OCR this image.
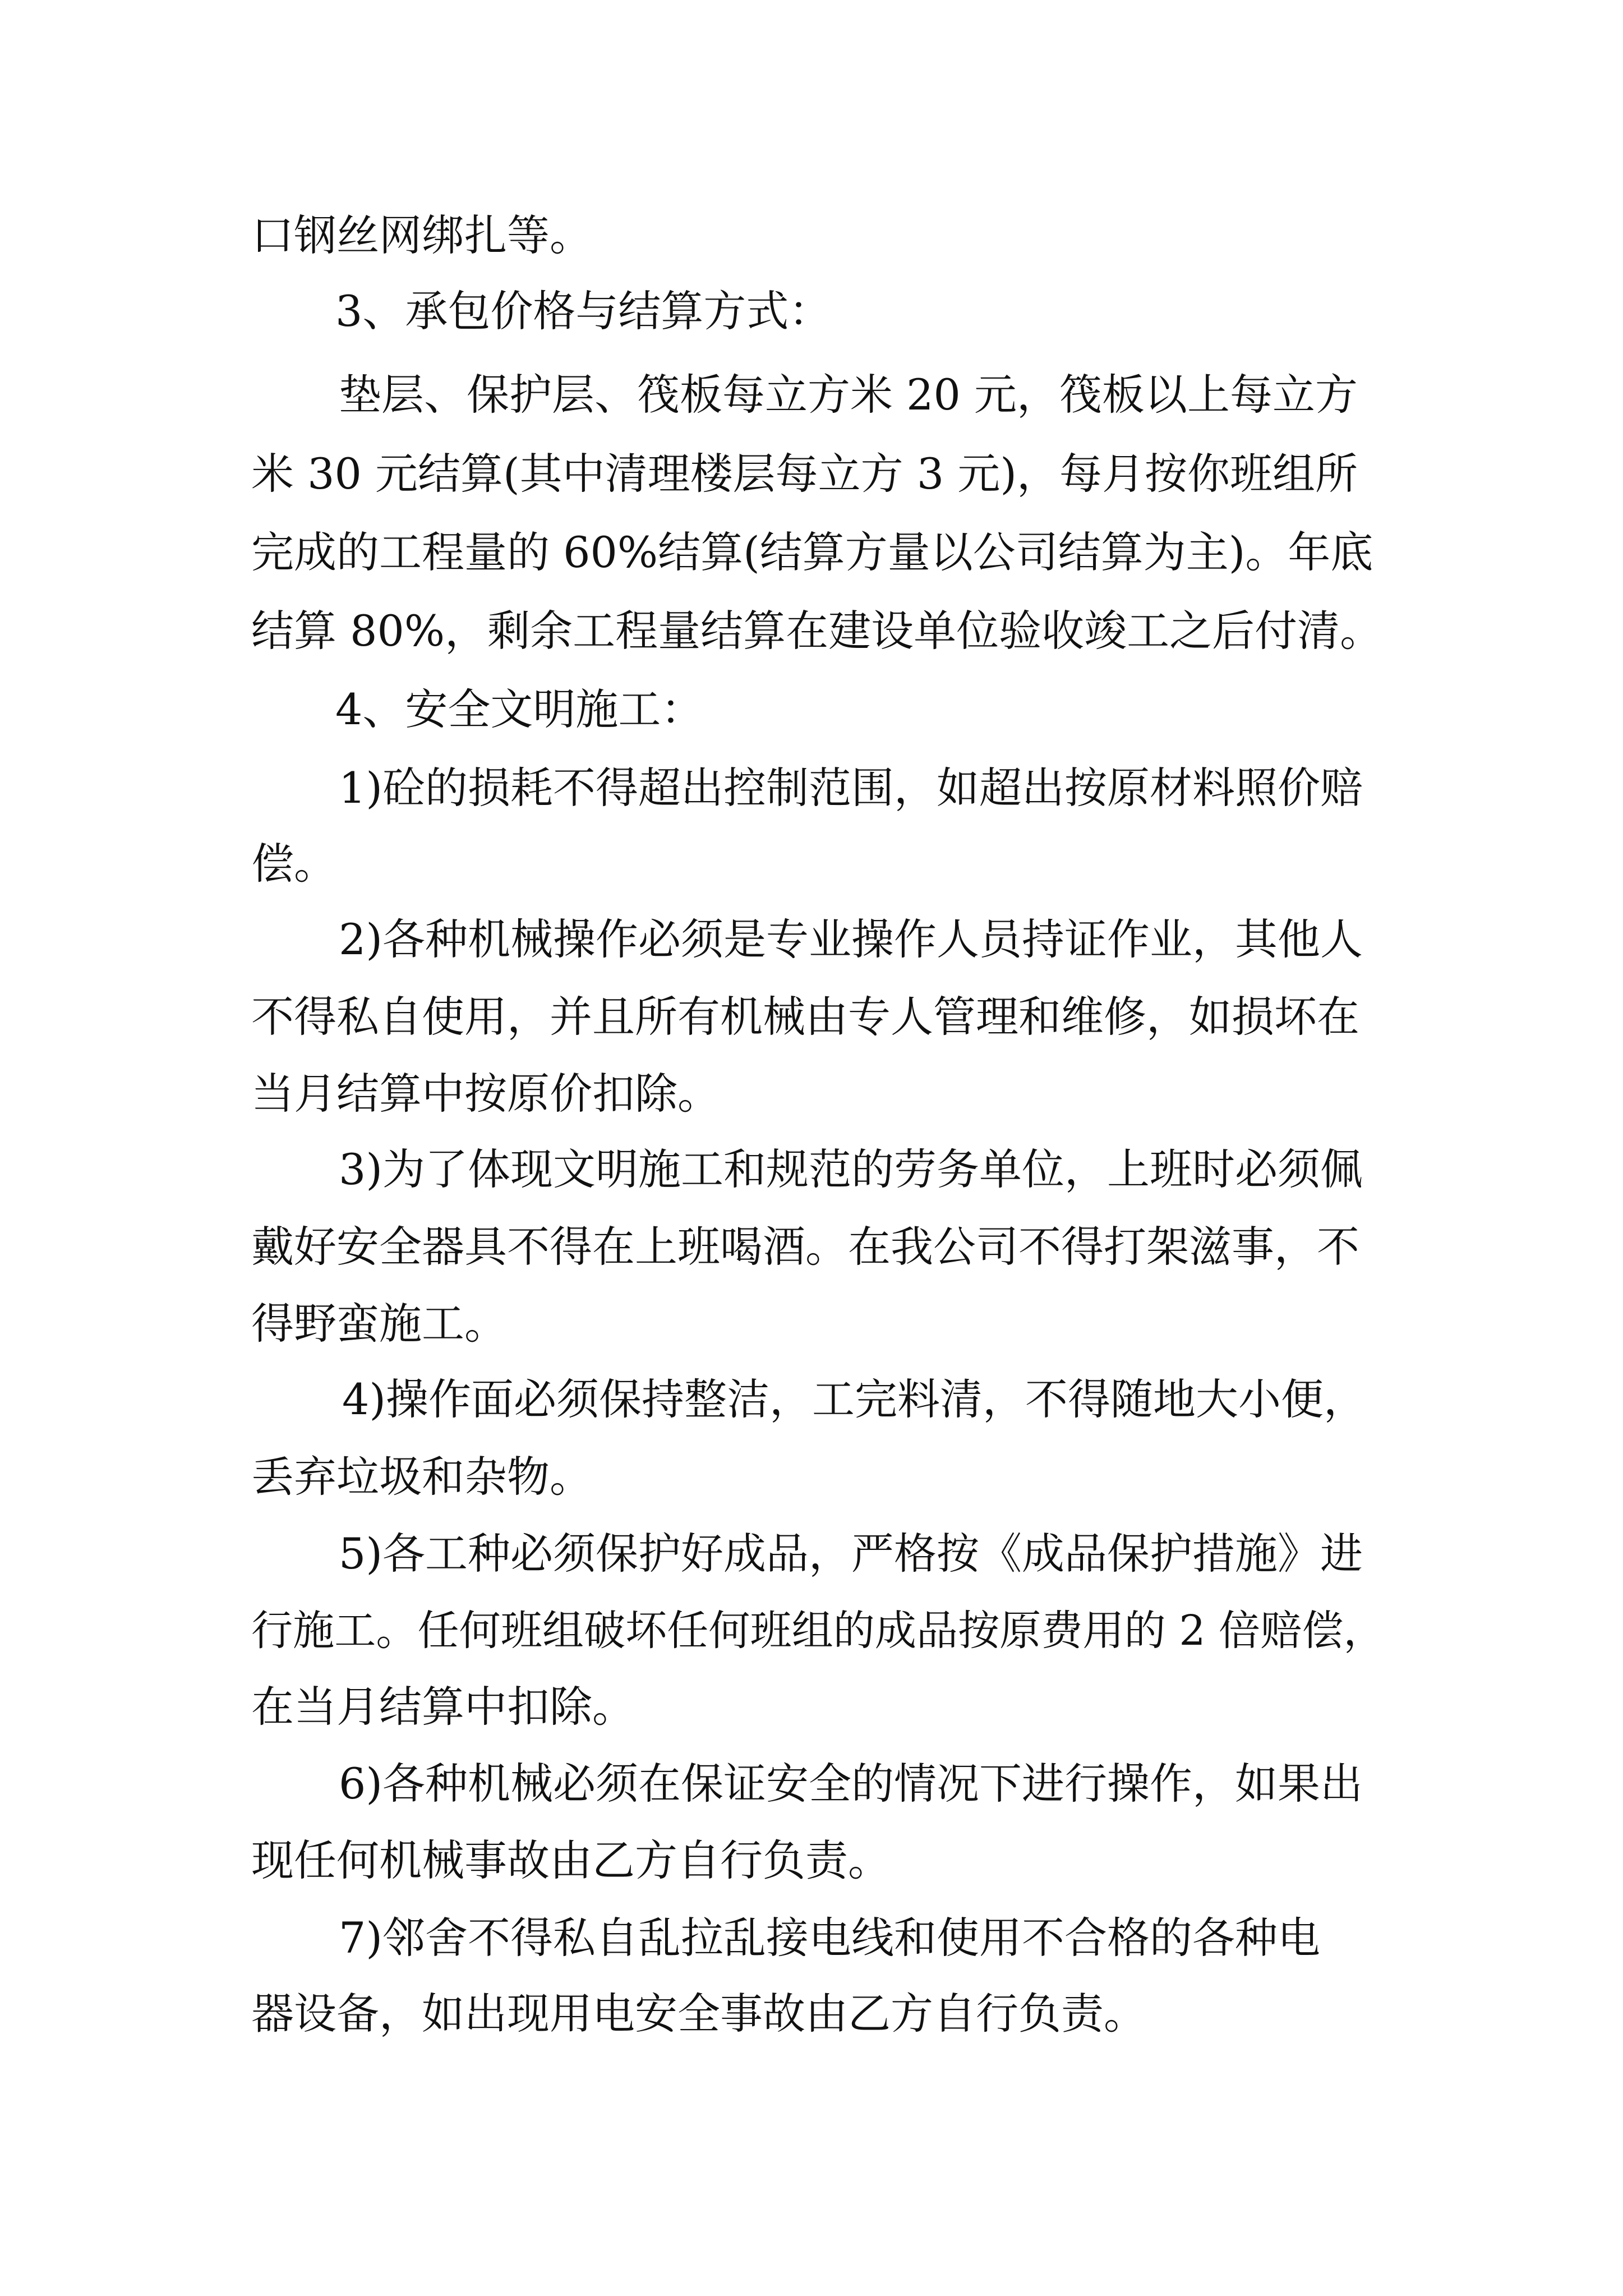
口钢丝网绑扎等。
3、承包价格与结算方式：
垫层、保护层、筏板每立方米 20 元，筏板以上每立方
米 30 元结算(其中清理楼层每立方 3 元)，每月按你班组所
完成的工程量的 60%结算(结算方量以公司结算为主)。年底
结算 80%，剩余工程量结算在建设单位验收竣工之后付清。
4、安全文明施工：
1)砼的损耗不得超出控制范围，如超出按原材料照价赔
偿。
2)各种机械操作必须是专业操作人员持证作业，其他人
不得私自使用，并且所有机械由专人管理和维修，如损坏在
当月结算中按原价扣除。
3)为了体现文明施工和规范的劳务单位，上班时必须佩
戴好安全器具不得在上班喝酒。在我公司不得打架滋事，不
得野蛮施工。
4)操作面必须保持整洁，工完料清，不得随地大小便，
丢弃垃圾和杂物。
5)各工种必须保护好成品，严格按《成品保护措施》进
行施工。任何班组破坏任何班组的成品按原费用的 2 倍赔偿，
在当月结算中扣除。
6)各种机械必须在保证安全的情况下进行操作，如果出
现任何机械事故由乙方自行负责。
7)邻舍不得私自乱拉乱接电线和使用不合格的各种电
器设备，如出现用电安全事故由乙方自行负责。
